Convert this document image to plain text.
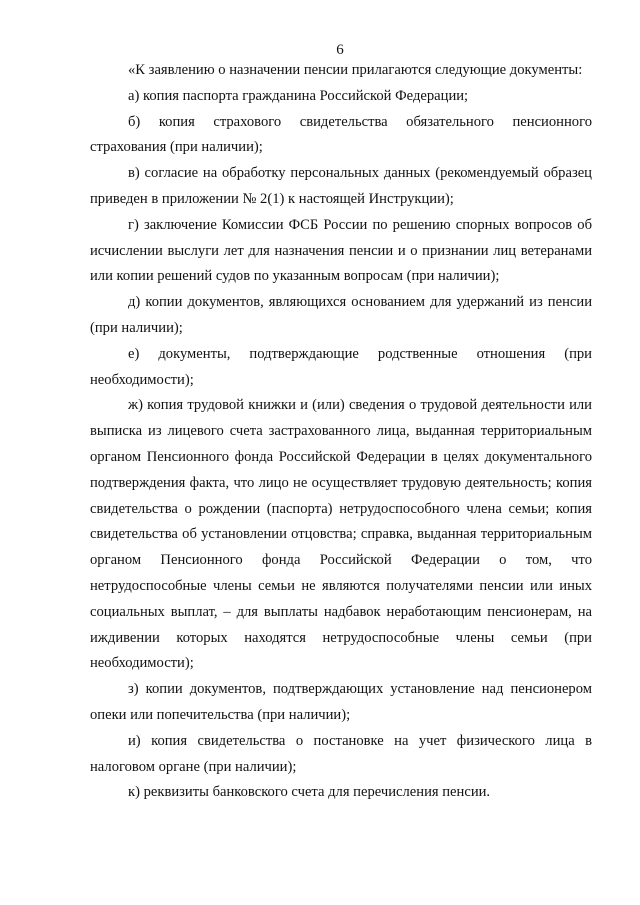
6

«К заявлению о назначении пенсии прилагаются следующие документы:

а) копия паспорта гражданина Российской Федерации;

б) копия страхового свидетельства обязательного пенсионного страхования (при наличии);

в) согласие на обработку персональных данных (рекомендуемый образец приведен в приложении № 2(1) к настоящей Инструкции);

г) заключение Комиссии ФСБ России по решению спорных вопросов об исчислении выслуги лет для назначения пенсии и о признании лиц ветеранами или копии решений судов по указанным вопросам (при наличии);

д) копии документов, являющихся основанием для удержаний из пенсии (при наличии);

е) документы, подтверждающие родственные отношения (при необходимости);

ж) копия трудовой книжки и (или) сведения о трудовой деятельности или выписка из лицевого счета застрахованного лица, выданная территориальным органом Пенсионного фонда Российской Федерации в целях документального подтверждения факта, что лицо не осуществляет трудовую деятельность; копия свидетельства о рождении (паспорта) нетрудоспособного члена семьи; копия свидетельства об установлении отцовства; справка, выданная территориальным органом Пенсионного фонда Российской Федерации о том, что нетрудоспособные члены семьи не являются получателями пенсии или иных социальных выплат, – для выплаты надбавок неработающим пенсионерам, на иждивении которых находятся нетрудоспособные члены семьи (при необходимости);

з) копии документов, подтверждающих установление над пенсионером опеки или попечительства (при наличии);

и) копия свидетельства о постановке на учет физического лица в налоговом органе (при наличии);

к) реквизиты банковского счета для перечисления пенсии.
